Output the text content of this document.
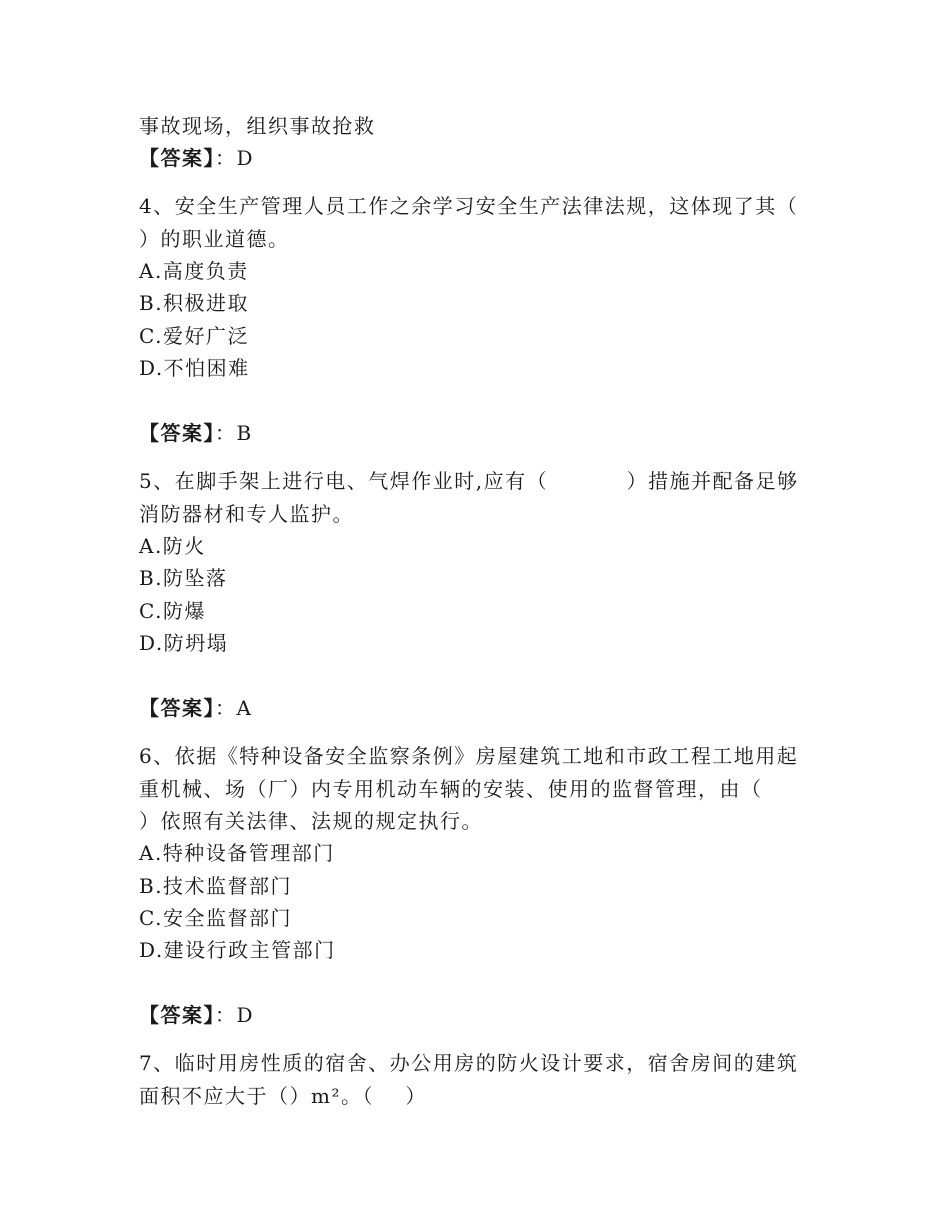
事故现场，组织事故抢救
【答案】：D
4、安全生产管理人员工作之余学习安全生产法律法规，这体现了其（
）的职业道德。
A.高度负责
B.积极进取
C.爱好广泛
D.不怕困难
【答案】：B
5、在脚手架上进行电、气焊作业时,应有（          ）措施并配备足够
消防器材和专人监护。
A.防火
B.防坠落
C.防爆
D.防坍塌
【答案】：A
6、依据《特种设备安全监察条例》房屋建筑工地和市政工程工地用起
重机械、场（厂）内专用机动车辆的安装、使用的监督管理，由（
）依照有关法律、法规的规定执行。
A.特种设备管理部门
B.技术监督部门
C.安全监督部门
D.建设行政主管部门
【答案】：D
7、临时用房性质的宿舍、办公用房的防火设计要求，宿舍房间的建筑
面积不应大于（）m²。（    ）
